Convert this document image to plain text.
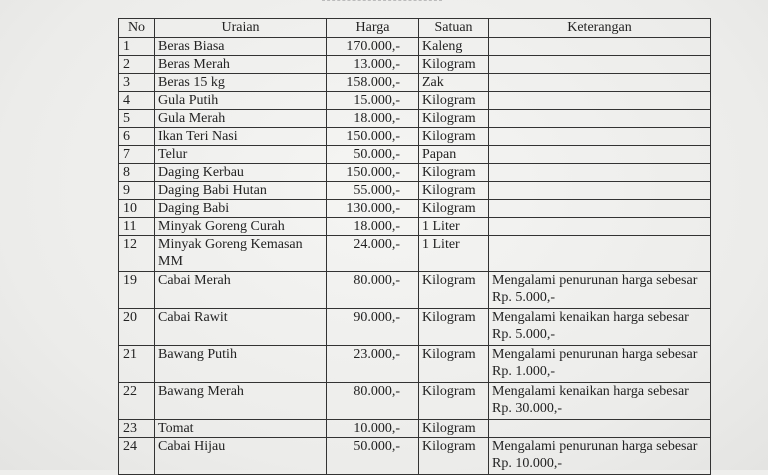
No	Uraian	Harga	Satuan	Keterangan
1	Beras Biasa	170.000,-	Kaleng	
2	Beras Merah	13.000,-	Kilogram	
3	Beras 15 kg	158.000,-	Zak	
4	Gula Putih	15.000,-	Kilogram	
5	Gula Merah	18.000,-	Kilogram	
6	Ikan Teri Nasi	150.000,-	Kilogram	
7	Telur	50.000,-	Papan	
8	Daging Kerbau	150.000,-	Kilogram	
9	Daging Babi Hutan	55.000,-	Kilogram	
10	Daging Babi	130.000,-	Kilogram	
11	Minyak Goreng Curah	18.000,-	1 Liter	
12	Minyak Goreng Kemasan MM	24.000,-	1 Liter	
19	Cabai Merah	80.000,-	Kilogram	Mengalami penurunan harga sebesar Rp. 5.000,-
20	Cabai Rawit	90.000,-	Kilogram	Mengalami kenaikan harga sebesar Rp. 5.000,-
21	Bawang Putih	23.000,-	Kilogram	Mengalami penurunan harga sebesar Rp. 1.000,-
22	Bawang Merah	80.000,-	Kilogram	Mengalami kenaikan harga sebesar Rp. 30.000,-
23	Tomat	10.000,-	Kilogram	
24	Cabai Hijau	50.000,-	Kilogram	Mengalami penurunan harga sebesar Rp. 10.000,-
